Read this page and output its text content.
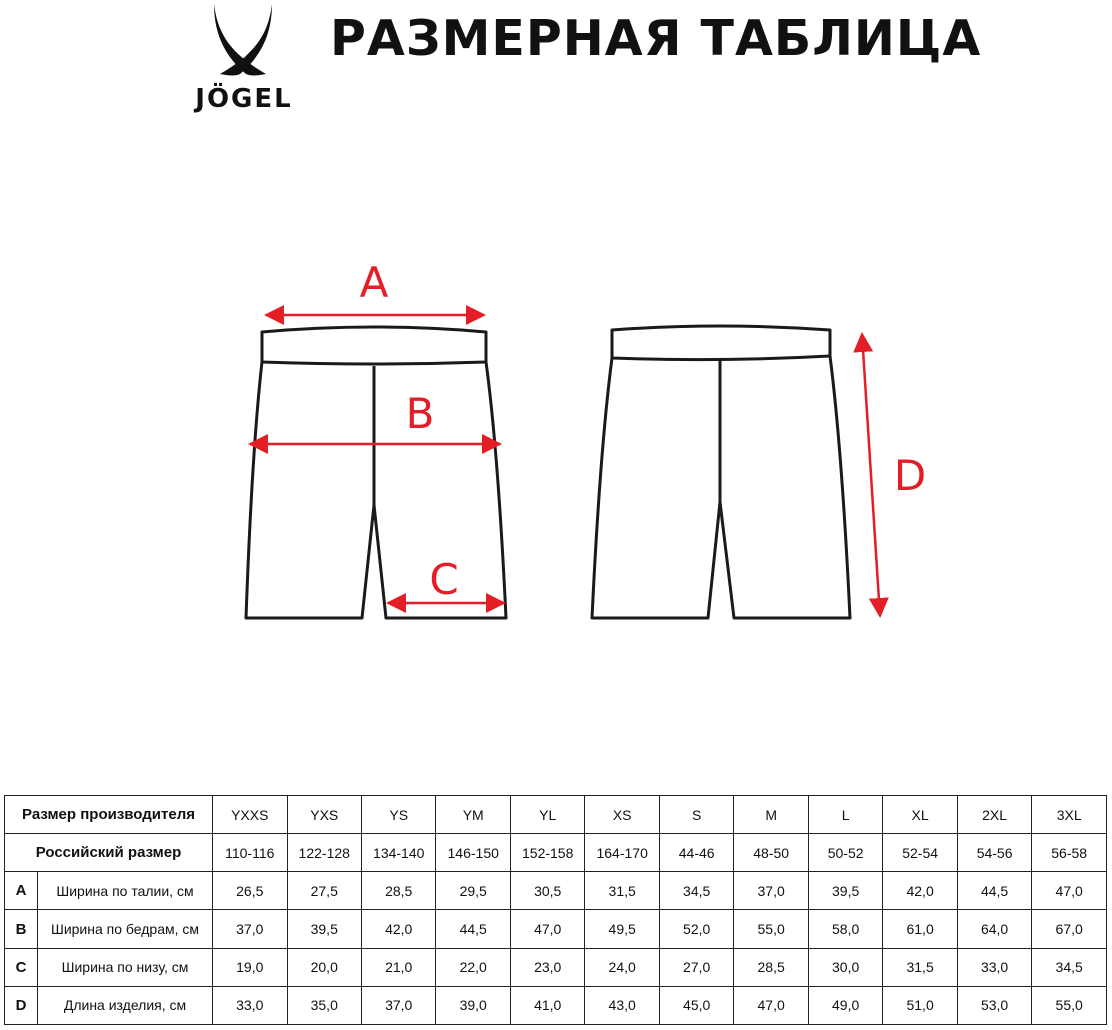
JÖGEL
РАЗМЕРНАЯ ТАБЛИЦА
A
B
C
D
Размер производителя		YXXS	YXS	YS	YM	YL	XS	S	M	L	XL	2XL	3XL
Российский размер		110-116	122-128	134-140	146-150	152-158	164-170	44-46	48-50	50-52	52-54	54-56	56-58
A	Ширина по талии, см	26,5	27,5	28,5	29,5	30,5	31,5	34,5	37,0	39,5	42,0	44,5	47,0
B	Ширина по бедрам, см	37,0	39,5	42,0	44,5	47,0	49,5	52,0	55,0	58,0	61,0	64,0	67,0
C	Ширина по низу, см	19,0	20,0	21,0	22,0	23,0	24,0	27,0	28,5	30,0	31,5	33,0	34,5
D	Длина изделия, см	33,0	35,0	37,0	39,0	41,0	43,0	45,0	47,0	49,0	51,0	53,0	55,0
